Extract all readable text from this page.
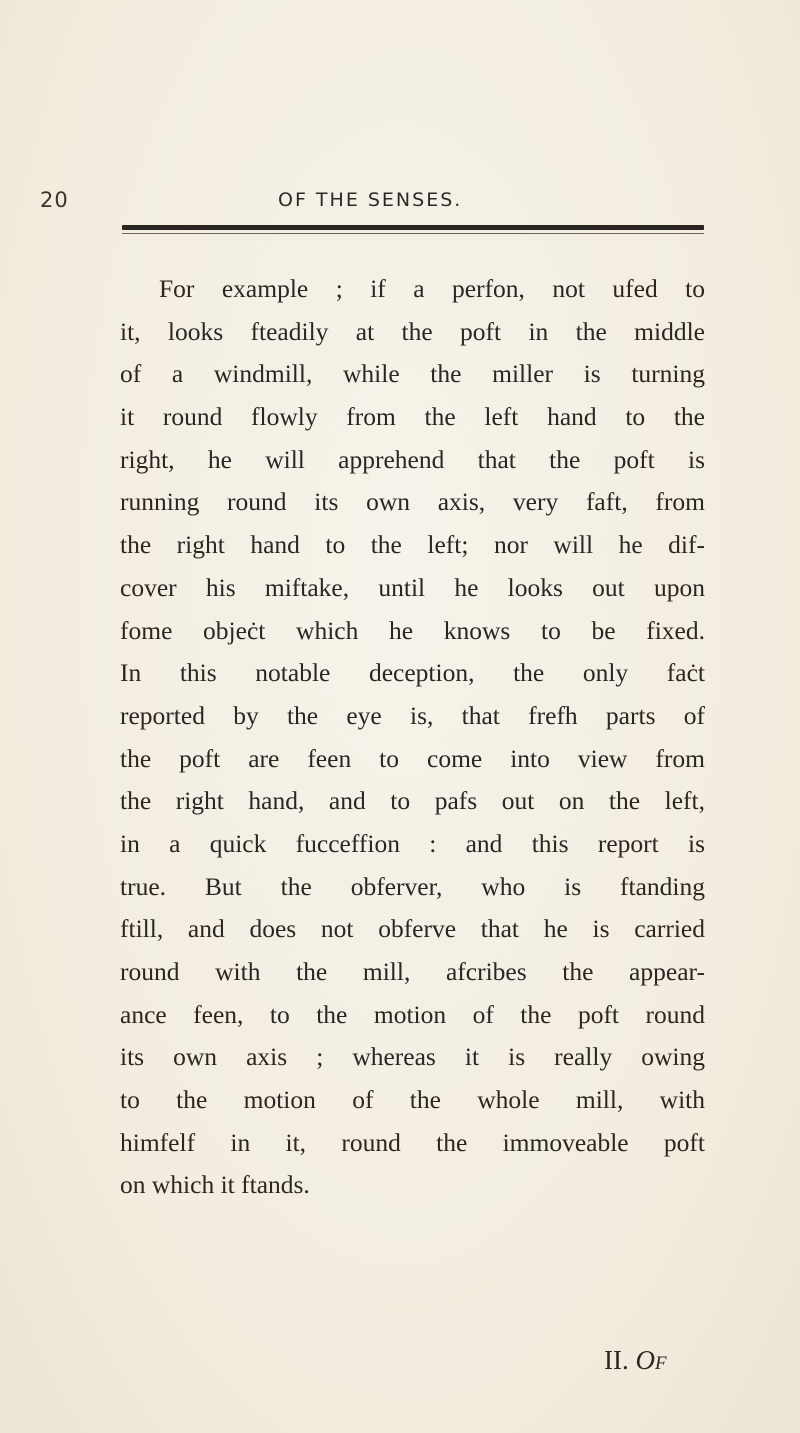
20	OF THE SENSES.
For example ; if a perfon, not ufed to
it, looks fteadily at the poft in the middle
of a windmill, while the miller is turning
it round flowly from the left hand to the
right, he will apprehend that the poft is
running round its own axis, very faft, from
the right hand to the left; nor will he dif-
cover his miftake, until he looks out upon
fome objeċt which he knows to be fixed.
In this notable deception, the only faċt
reported by the eye is, that frefh parts of
the poft are feen to come into view from
the right hand, and to pafs out on the left,
in a quick fucceffion : and this report is
true. But the obferver, who is ftanding
ftill, and does not obferve that he is carried
round with the mill, afcribes the appear-
ance feen, to the motion of the poft round
its own axis ; whereas it is really owing
to the motion of the whole mill, with
himfelf in it, round the immoveable poft
on which it ftands.
II. Of
